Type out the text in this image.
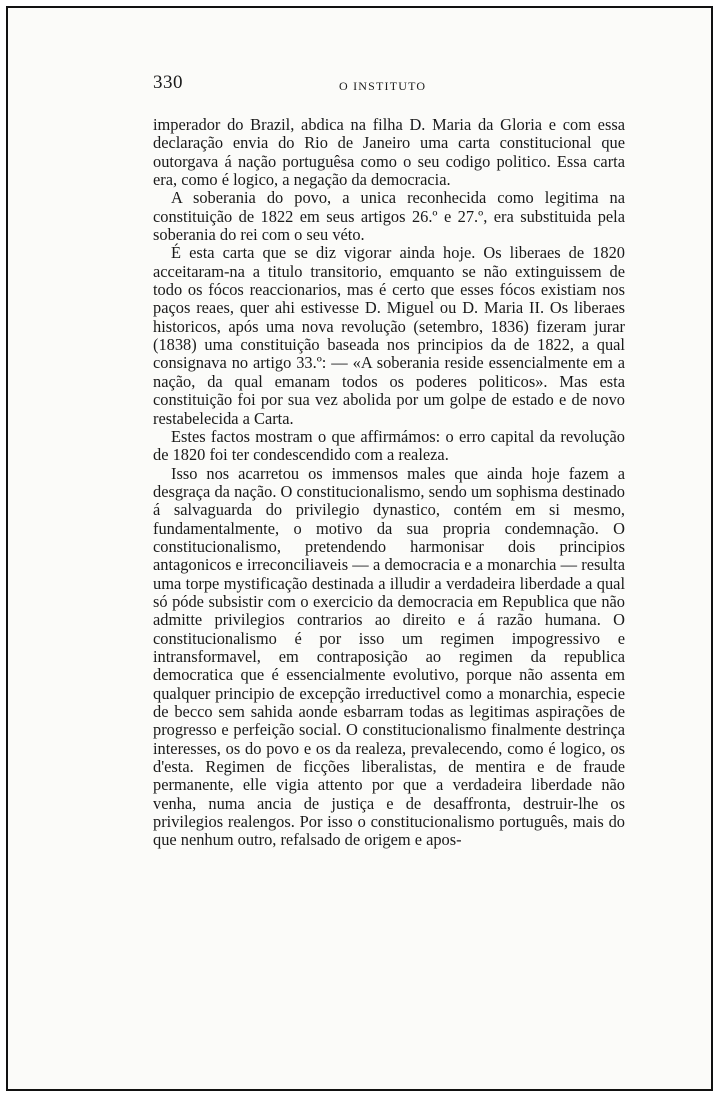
330	O INSTITUTO

imperador do Brazil, abdica na filha D. Maria da Gloria e com essa declaração envia do Rio de Janeiro uma carta constitucional que outorgava á nação portuguêsa como o seu codigo politico. Essa carta era, como é logico, a negação da democracia.

A soberania do povo, a unica reconhecida como legitima na constituição de 1822 em seus artigos 26.º e 27.º, era substituida pela soberania do rei com o seu véto.

É esta carta que se diz vigorar ainda hoje. Os liberaes de 1820 acceitaram-na a titulo transitorio, emquanto se não extinguissem de todo os fócos reaccionarios, mas é certo que esses fócos existiam nos paços reaes, quer ahi estivesse D. Miguel ou D. Maria II. Os liberaes historicos, após uma nova revolução (setembro, 1836) fizeram jurar (1838) uma constituição baseada nos principios da de 1822, a qual consignava no artigo 33.º: — «A soberania reside essencialmente em a nação, da qual emanam todos os poderes politicos». Mas esta constituição foi por sua vez abolida por um golpe de estado e de novo restabelecida a Carta.

Estes factos mostram o que affirmámos: o erro capital da revolução de 1820 foi ter condescendido com a realeza.

Isso nos acarretou os immensos males que ainda hoje fazem a desgraça da nação. O constitucionalismo, sendo um sophisma destinado á salvaguarda do privilegio dynastico, contém em si mesmo, fundamentalmente, o motivo da sua propria condemnação. O constitucionalismo, pretendendo harmonisar dois principios antagonicos e irreconciliaveis — a democracia e a monarchia — resulta uma torpe mystificação destinada a illudir a verdadeira liberdade a qual só póde subsistir com o exercicio da democracia em Republica que não admitte privilegios contrarios ao direito e á razão humana. O constitucionalismo é por isso um regimen impogressivo e intransformavel, em contraposição ao regimen da republica democratica que é essencialmente evolutivo, porque não assenta em qualquer principio de excepção irreductivel como a monarchia, especie de becco sem sahida aonde esbarram todas as legitimas aspirações de progresso e perfeição social. O constitucionalismo finalmente destrinça interesses, os do povo e os da realeza, prevalecendo, como é logico, os d'esta. Regimen de ficções liberalistas, de mentira e de fraude permanente, elle vigia attento por que a verdadeira liberdade não venha, numa ancia de justiça e de desaffronta, destruir-lhe os privilegios realengos. Por isso o constitucionalismo português, mais do que nenhum outro, refalsado de origem e apos-
